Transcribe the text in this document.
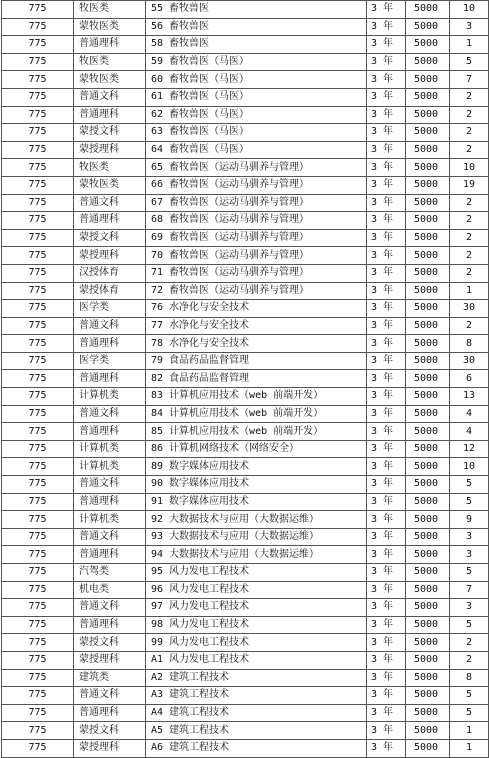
775	牧医类	55 畜牧兽医	3 年	5000	10
775	蒙牧医类	56 畜牧兽医	3 年	5000	3
775	普通理科	58 畜牧兽医	3 年	5000	1
775	牧医类	59 畜牧兽医（马医）	3 年	5000	5
775	蒙牧医类	60 畜牧兽医（马医）	3 年	5000	7
775	普通文科	61 畜牧兽医（马医）	3 年	5000	2
775	普通理科	62 畜牧兽医（马医）	3 年	5000	2
775	蒙授文科	63 畜牧兽医（马医）	3 年	5000	2
775	蒙授理科	64 畜牧兽医（马医）	3 年	5000	2
775	牧医类	65 畜牧兽医（运动马驯养与管理）	3 年	5000	10
775	蒙牧医类	66 畜牧兽医（运动马驯养与管理）	3 年	5000	19
775	普通文科	67 畜牧兽医（运动马驯养与管理）	3 年	5000	2
775	普通理科	68 畜牧兽医（运动马驯养与管理）	3 年	5000	2
775	蒙授文科	69 畜牧兽医（运动马驯养与管理）	3 年	5000	2
775	蒙授理科	70 畜牧兽医（运动马驯养与管理）	3 年	5000	2
775	汉授体育	71 畜牧兽医（运动马驯养与管理）	3 年	5000	2
775	蒙授体育	72 畜牧兽医（运动马驯养与管理）	3 年	5000	1
775	医学类	76 水净化与安全技术	3 年	5000	30
775	普通文科	77 水净化与安全技术	3 年	5000	2
775	普通理科	78 水净化与安全技术	3 年	5000	8
775	医学类	79 食品药品监督管理	3 年	5000	30
775	普通理科	82 食品药品监督管理	3 年	5000	6
775	计算机类	83 计算机应用技术（web 前端开发）	3 年	5000	13
775	普通文科	84 计算机应用技术（web 前端开发）	3 年	5000	4
775	普通理科	85 计算机应用技术（web 前端开发）	3 年	5000	4
775	计算机类	86 计算机网络技术（网络安全）	3 年	5000	12
775	计算机类	89 数字媒体应用技术	3 年	5000	10
775	普通文科	90 数字媒体应用技术	3 年	5000	5
775	普通理科	91 数字媒体应用技术	3 年	5000	5
775	计算机类	92 大数据技术与应用（大数据运维）	3 年	5000	9
775	普通文科	93 大数据技术与应用（大数据运维）	3 年	5000	3
775	普通理科	94 大数据技术与应用（大数据运维）	3 年	5000	3
775	汽驾类	95 风力发电工程技术	3 年	5000	5
775	机电类	96 风力发电工程技术	3 年	5000	7
775	普通文科	97 风力发电工程技术	3 年	5000	3
775	普通理科	98 风力发电工程技术	3 年	5000	5
775	蒙授文科	99 风力发电工程技术	3 年	5000	2
775	蒙授理科	A1 风力发电工程技术	3 年	5000	2
775	建筑类	A2 建筑工程技术	3 年	5000	8
775	普通文科	A3 建筑工程技术	3 年	5000	5
775	普通理科	A4 建筑工程技术	3 年	5000	5
775	蒙授文科	A5 建筑工程技术	3 年	5000	1
775	蒙授理科	A6 建筑工程技术	3 年	5000	1
